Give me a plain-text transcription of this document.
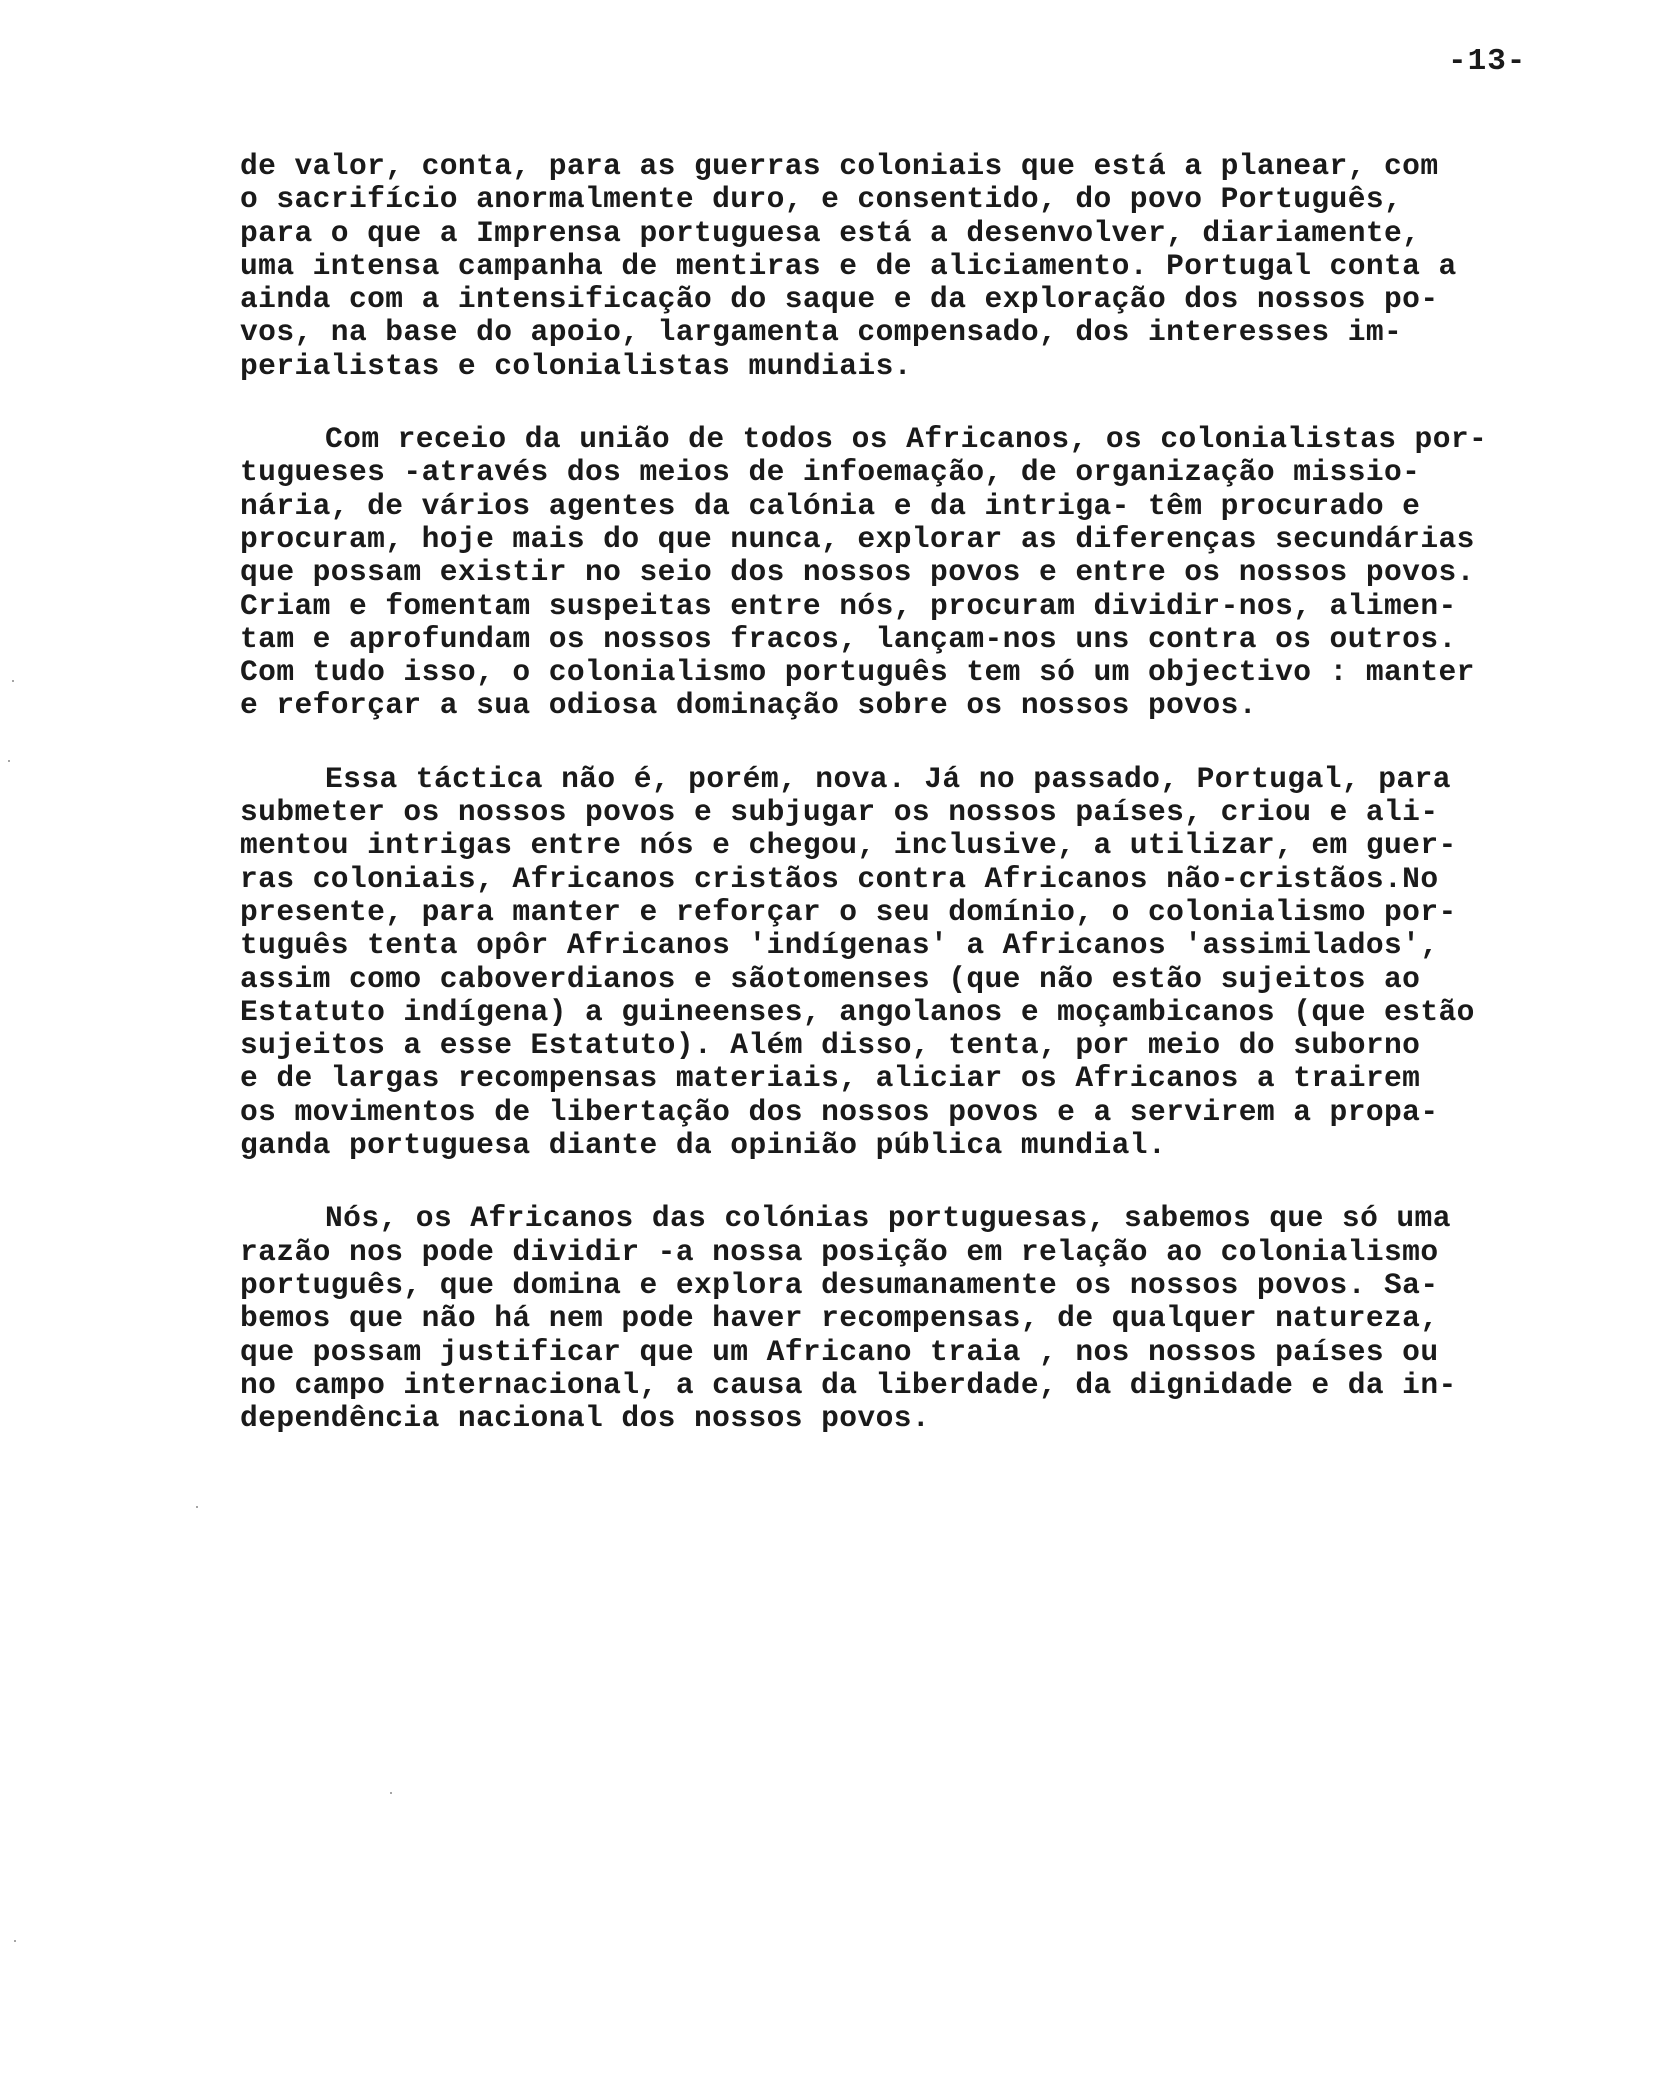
-13-

de valor, conta, para as guerras coloniais que está a planear, com
o sacrifício anormalmente duro, e consentido, do povo Português,
para o que a Imprensa portuguesa está a desenvolver, diariamente,
uma intensa campanha de mentiras e de aliciamento. Portugal conta a
ainda com a intensificação do saque e da exploração dos nossos po-
vos, na base do apoio, largamenta compensado, dos interesses im-
perialistas e colonialistas mundiais.

Com receio da união de todos os Africanos, os colonialistas por-
tugueses -através dos meios de infoemação, de organização missio-
nária, de vários agentes da calónia e da intriga- têm procurado e
procuram, hoje mais do que nunca, explorar as diferenças secundárias
que possam existir no seio dos nossos povos e entre os nossos povos.
Criam e fomentam suspeitas entre nós, procuram dividir-nos, alimen-
tam e aprofundam os nossos fracos, lançam-nos uns contra os outros.
Com tudo isso, o colonialismo português tem só um objectivo : manter
e reforçar a sua odiosa dominação sobre os nossos povos.

Essa táctica não é, porém, nova. Já no passado, Portugal, para
submeter os nossos povos e subjugar os nossos países, criou e ali-
mentou intrigas entre nós e chegou, inclusive, a utilizar, em guer-
ras coloniais, Africanos cristãos contra Africanos não-cristãos.No
presente, para manter e reforçar o seu domínio, o colonialismo por-
tuguês tenta opôr Africanos 'indígenas' a Africanos 'assimilados',
assim como caboverdianos e sãotomenses (que não estão sujeitos ao
Estatuto indígena) a guineenses, angolanos e moçambicanos (que estão
sujeitos a esse Estatuto). Além disso, tenta, por meio do suborno
e de largas recompensas materiais, aliciar os Africanos a trairem
os movimentos de libertação dos nossos povos e a servirem a propa-
ganda portuguesa diante da opinião pública mundial.

Nós, os Africanos das colónias portuguesas, sabemos que só uma
razão nos pode dividir -a nossa posição em relação ao colonialismo
português, que domina e explora desumanamente os nossos povos. Sa-
bemos que não há nem pode haver recompensas, de qualquer natureza,
que possam justificar que um Africano traia , nos nossos países ou
no campo internacional, a causa da liberdade, da dignidade e da in-
dependência nacional dos nossos povos.
